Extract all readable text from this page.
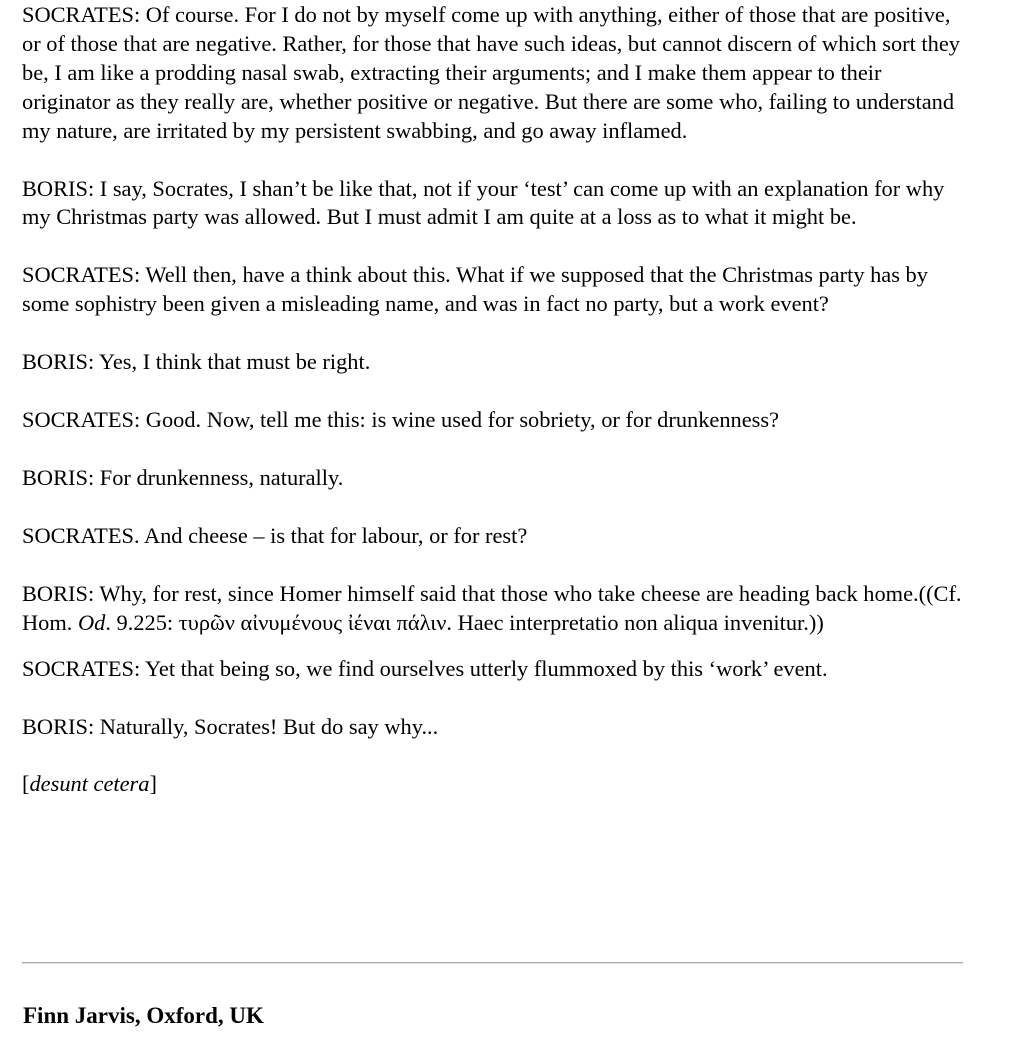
SOCRATES: Of course. For I do not by myself come up with anything, either of those that are positive, or of those that are negative. Rather, for those that have such ideas, but cannot discern of which sort they be, I am like a prodding nasal swab, extracting their arguments; and I make them appear to their originator as they really are, whether positive or negative. But there are some who, failing to understand my nature, are irritated by my persistent swabbing, and go away inflamed.

BORIS: I say, Socrates, I shan’t be like that, not if your ‘test’ can come up with an explanation for why my Christmas party was allowed. But I must admit I am quite at a loss as to what it might be.

SOCRATES: Well then, have a think about this. What if we supposed that the Christmas party has by some sophistry been given a misleading name, and was in fact no party, but a work event?

BORIS: Yes, I think that must be right.

SOCRATES: Good. Now, tell me this: is wine used for sobriety, or for drunkenness?

BORIS: For drunkenness, naturally.

SOCRATES. And cheese – is that for labour, or for rest?

BORIS: Why, for rest, since Homer himself said that those who take cheese are heading back home.((Cf. Hom. Od. 9.225: τυρῶν αἰνυμένους ἰέναι πάλιν. Haec interpretatio non aliqua invenitur.))

SOCRATES: Yet that being so, we find ourselves utterly flummoxed by this ‘work’ event.

BORIS: Naturally, Socrates! But do say why...

[desunt cetera]

Finn Jarvis, Oxford, UK
